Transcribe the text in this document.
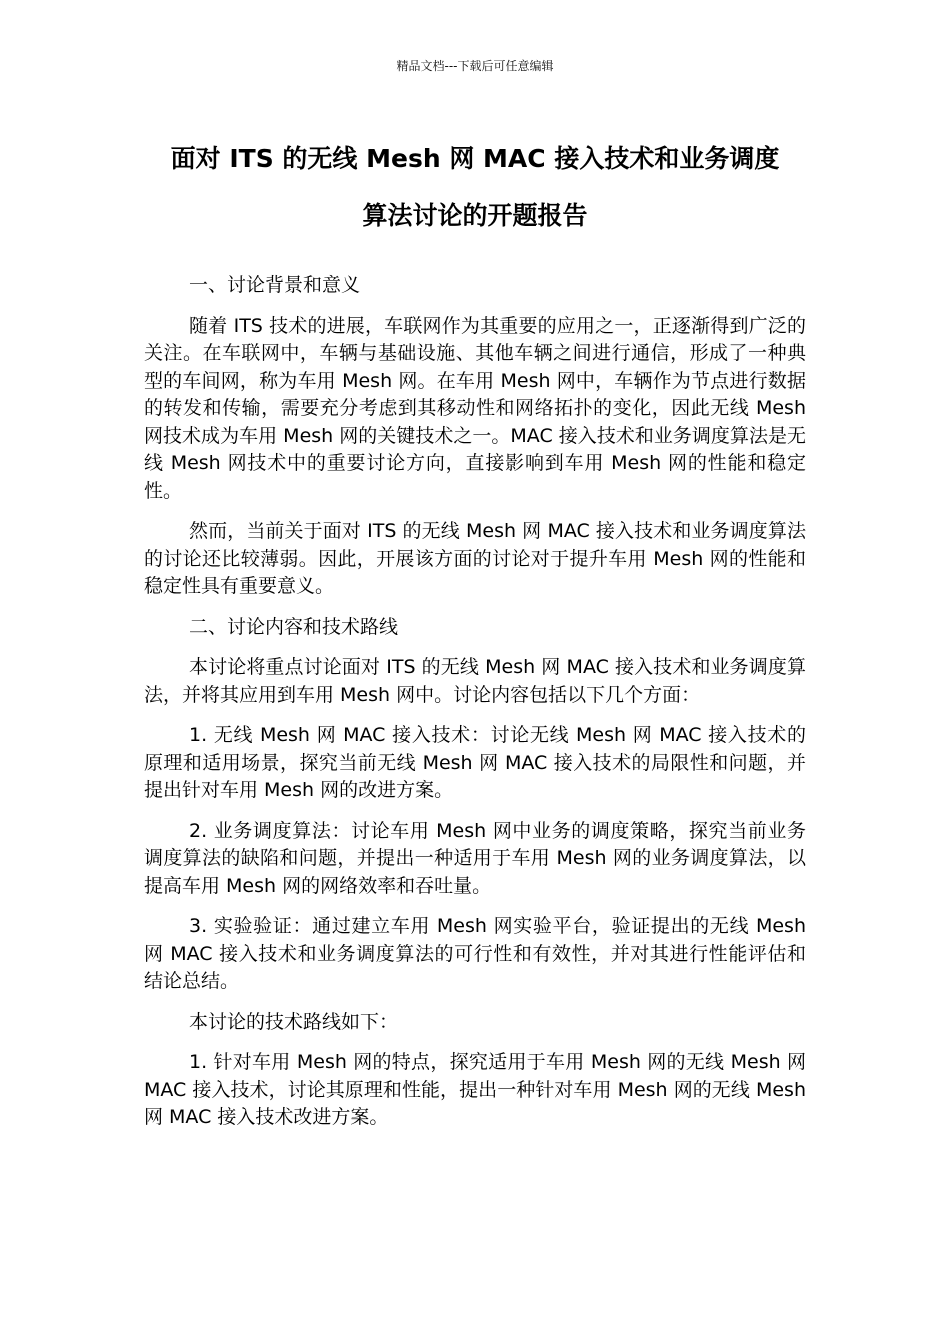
精品文档---下载后可任意编辑
面对 ITS 的无线 Mesh 网 MAC 接入技术和业务调度
算法讨论的开题报告

一、讨论背景和意义

随着 ITS 技术的进展，车联网作为其重要的应用之一，正逐渐得到广泛的关注。在车联网中，车辆与基础设施、其他车辆之间进行通信，形成了一种典型的车间网，称为车用 Mesh 网。在车用 Mesh 网中，车辆作为节点进行数据的转发和传输，需要充分考虑到其移动性和网络拓扑的变化，因此无线 Mesh 网技术成为车用 Mesh 网的关键技术之一。MAC 接入技术和业务调度算法是无线 Mesh 网技术中的重要讨论方向，直接影响到车用 Mesh 网的性能和稳定性。

然而，当前关于面对 ITS 的无线 Mesh 网 MAC 接入技术和业务调度算法的讨论还比较薄弱。因此，开展该方面的讨论对于提升车用 Mesh 网的性能和稳定性具有重要意义。

二、讨论内容和技术路线

本讨论将重点讨论面对 ITS 的无线 Mesh 网 MAC 接入技术和业务调度算法，并将其应用到车用 Mesh 网中。讨论内容包括以下几个方面：

1. 无线 Mesh 网 MAC 接入技术：讨论无线 Mesh 网 MAC 接入技术的原理和适用场景，探究当前无线 Mesh 网 MAC 接入技术的局限性和问题，并提出针对车用 Mesh 网的改进方案。

2. 业务调度算法：讨论车用 Mesh 网中业务的调度策略，探究当前业务调度算法的缺陷和问题，并提出一种适用于车用 Mesh 网的业务调度算法，以提高车用 Mesh 网的网络效率和吞吐量。

3. 实验验证：通过建立车用 Mesh 网实验平台，验证提出的无线 Mesh 网 MAC 接入技术和业务调度算法的可行性和有效性，并对其进行性能评估和结论总结。

本讨论的技术路线如下：

1. 针对车用 Mesh 网的特点，探究适用于车用 Mesh 网的无线 Mesh 网 MAC 接入技术，讨论其原理和性能，提出一种针对车用 Mesh 网的无线 Mesh 网 MAC 接入技术改进方案。
